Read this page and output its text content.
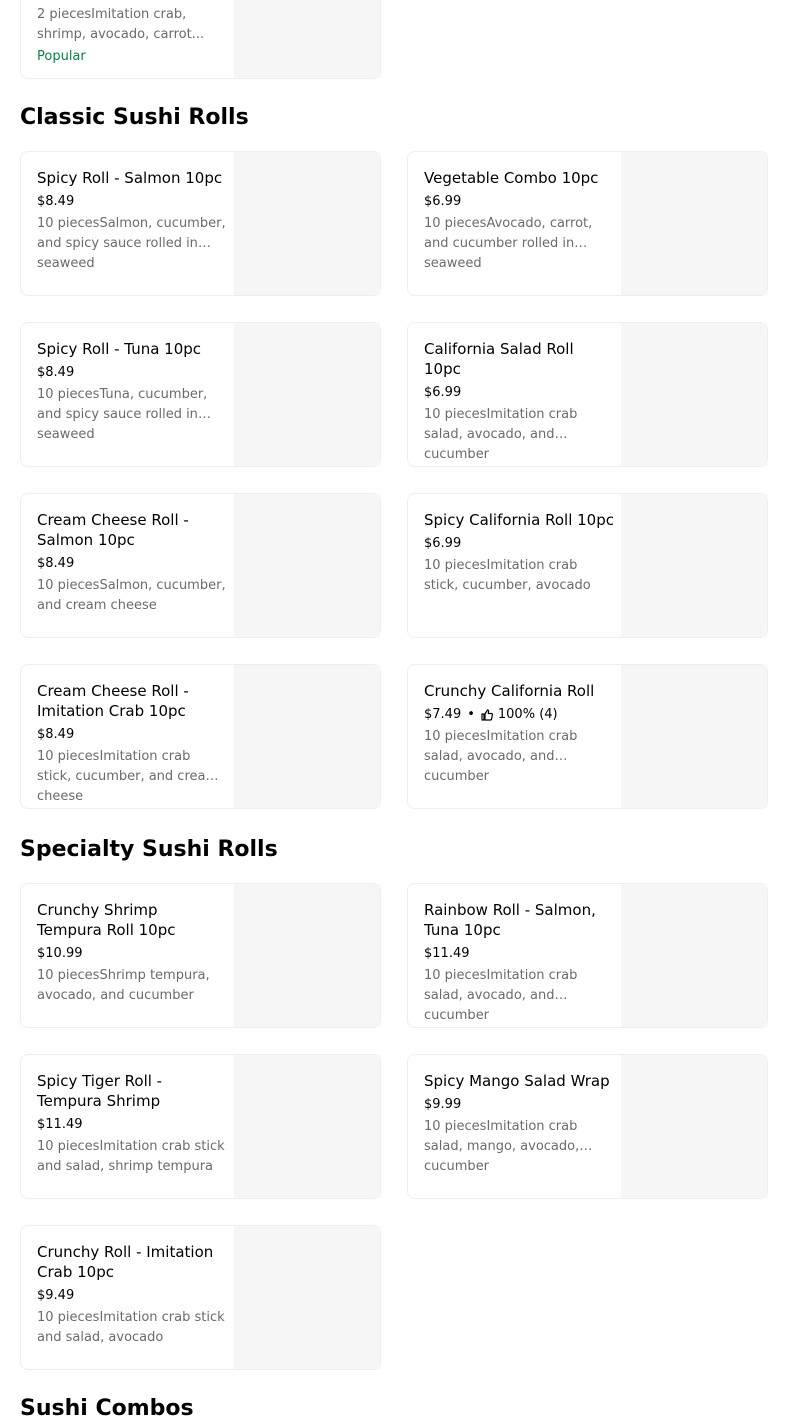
2 piecesImitation crab,
shrimp, avocado, carrot...
Popular
Classic Sushi Rolls
Spicy Roll - Salmon 10pc
$8.49
10 piecesSalmon, cucumber, and spicy sauce rolled in seaweed
Vegetable Combo 10pc
$6.99
10 piecesAvocado, carrot, and cucumber rolled in seaweed
Spicy Roll - Tuna 10pc
$8.49
10 piecesTuna, cucumber, and spicy sauce rolled in seaweed
California Salad Roll 10pc
$6.99
10 piecesImitation crab salad, avocado, and cucumber
Cream Cheese Roll - Salmon 10pc
$8.49
10 piecesSalmon, cucumber, and cream cheese
Spicy California Roll 10pc
$6.99
10 piecesImitation crab stick, cucumber, avocado
Cream Cheese Roll - Imitation Crab 10pc
$8.49
10 piecesImitation crab stick, cucumber, and cream cheese
Crunchy California Roll
$7.49 • 100% (4)
10 piecesImitation crab salad, avocado, and cucumber
Specialty Sushi Rolls
Crunchy Shrimp Tempura Roll 10pc
$10.99
10 piecesShrimp tempura, avocado, and cucumber
Rainbow Roll - Salmon, Tuna 10pc
$11.49
10 piecesImitation crab salad, avocado, and cucumber
Spicy Tiger Roll - Tempura Shrimp
$11.49
10 piecesImitation crab stick and salad, shrimp tempura
Spicy Mango Salad Wrap
$9.99
10 piecesImitation crab salad, mango, avocado, cucumber
Crunchy Roll - Imitation Crab 10pc
$9.49
10 piecesImitation crab stick and salad, avocado
Sushi Combos
